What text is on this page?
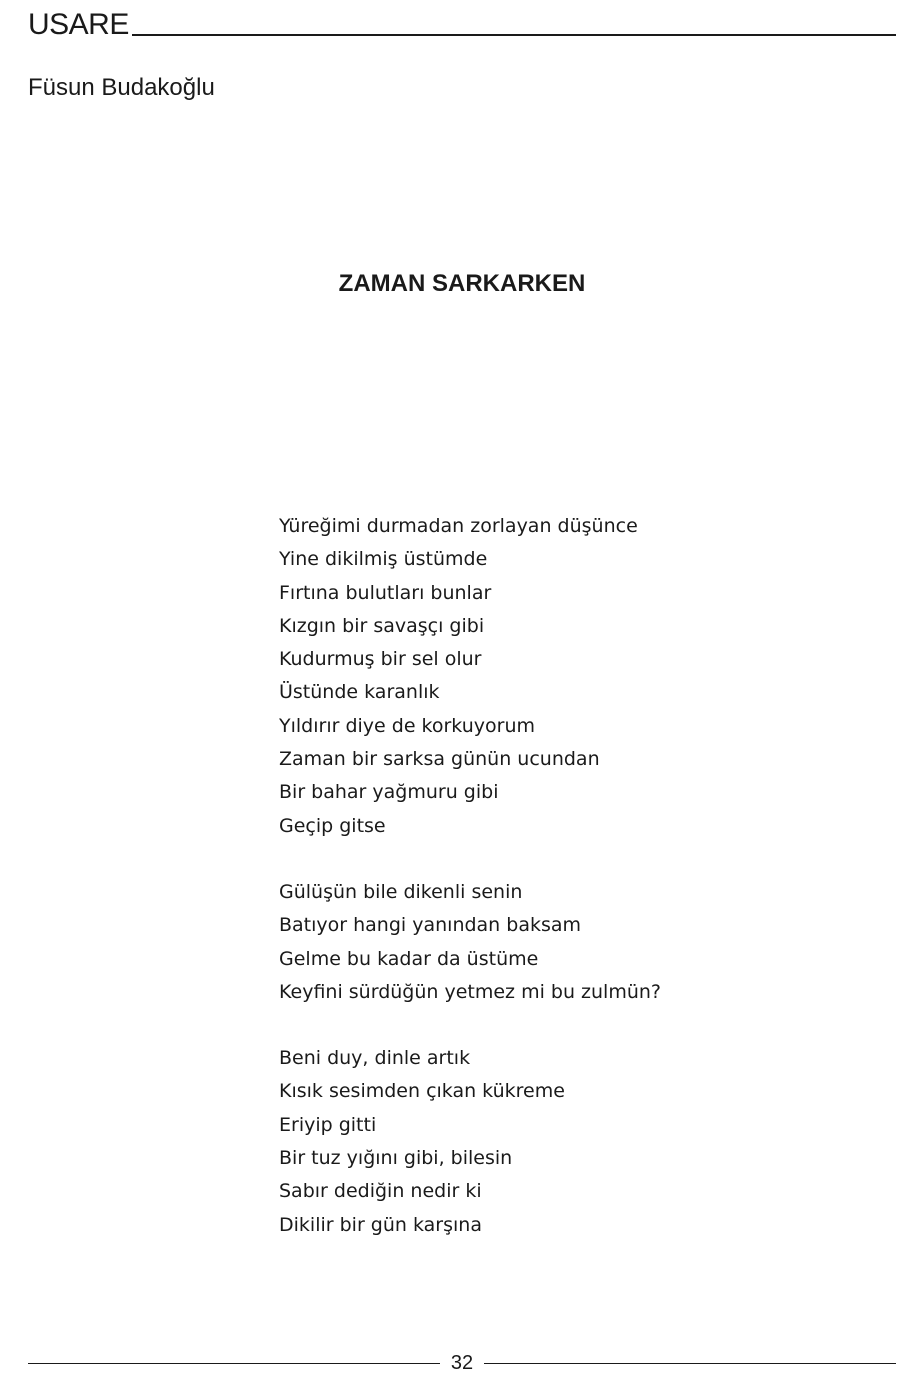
USARE
Füsun Budakoğlu
ZAMAN SARKARKEN
Yüreğimi durmadan zorlayan düşünce
Yine dikilmiş üstümde
Fırtına bulutları bunlar
Kızgın bir savaşçı gibi
Kudurmuş bir sel olur
Üstünde karanlık
Yıldırır diye de korkuyorum
Zaman bir sarksa günün ucundan
Bir bahar yağmuru gibi
Geçip gitse
Gülüşün bile dikenli senin
Batıyor hangi yanından baksam
Gelme bu kadar da üstüme
Keyfini sürdüğün yetmez mi bu zulmün?
Beni duy, dinle artık
Kısık sesimden çıkan kükreme
Eriyip gitti
Bir tuz yığını gibi, bilesin
Sabır dediğin nedir ki
Dikilir bir gün karşına
32
